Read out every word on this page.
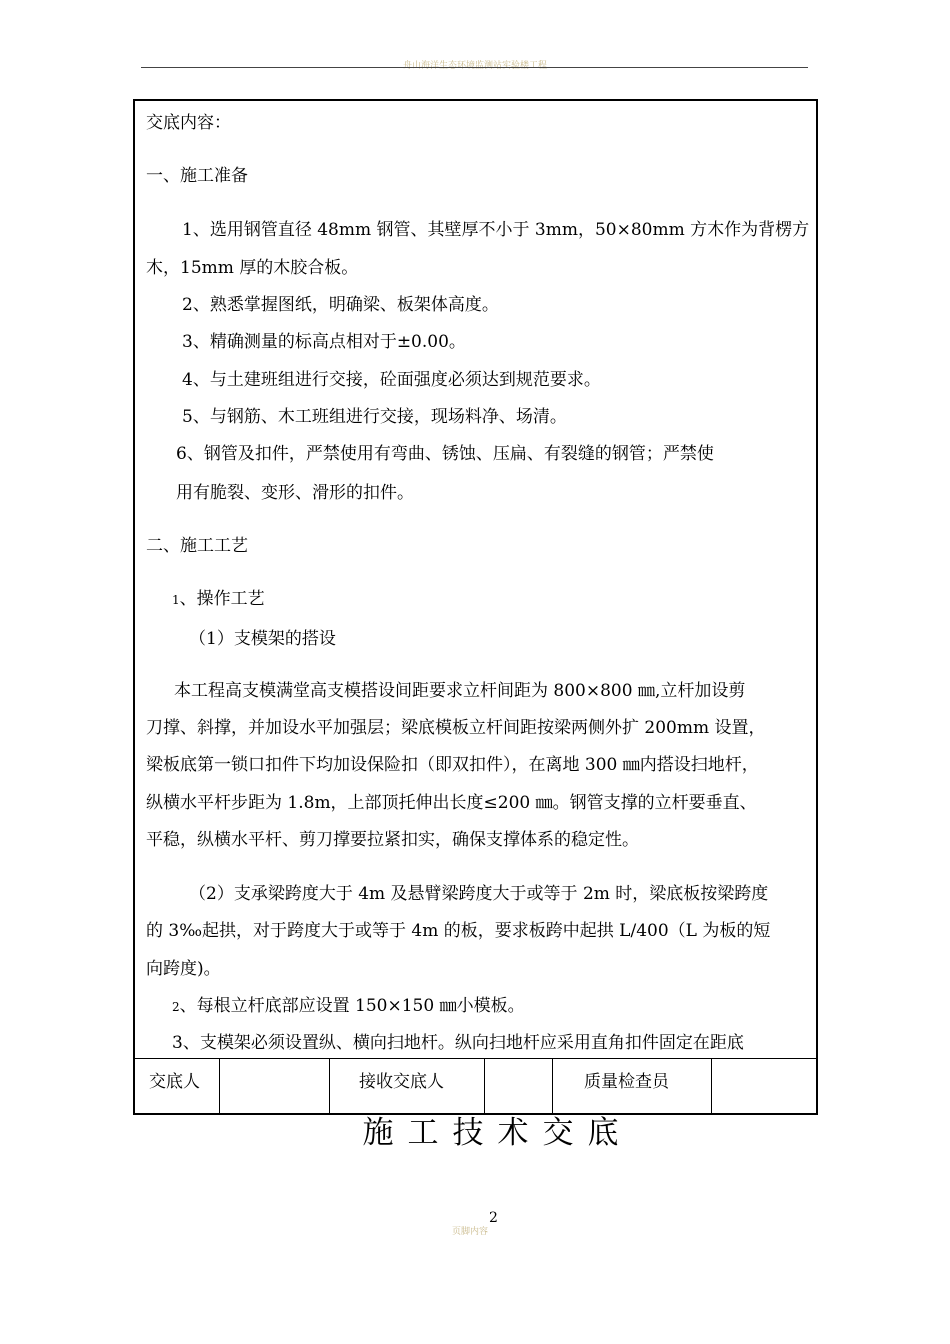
舟山海洋生态环境监测站实验楼工程
交底内容：
一、施工准备
1、选用钢管直径 48mm 钢管、其壁厚不小于 3mm，50×80mm 方木作为背楞方
木，15mm 厚的木胶合板。
2、熟悉掌握图纸，明确梁、板架体高度。
3、精确测量的标高点相对于±0.00。
4、与土建班组进行交接，砼面强度必须达到规范要求。
5、与钢筋、木工班组进行交接，现场料净、场清。
6、钢管及扣件，严禁使用有弯曲、锈蚀、压扁、有裂缝的钢管；严禁使
用有脆裂、变形、滑形的扣件。
二、施工工艺
1、操作工艺
（1）支模架的搭设
本工程高支模满堂高支模搭设间距要求立杆间距为 800×800 ㎜,立杆加设剪
刀撑、斜撑，并加设水平加强层；梁底模板立杆间距按梁两侧外扩 200mm 设置，
梁板底第一锁口扣件下均加设保险扣（即双扣件），在离地 300 ㎜内搭设扫地杆，
纵横水平杆步距为 1.8m，上部顶托伸出长度≤200 ㎜。钢管支撑的立杆要垂直、
平稳，纵横水平杆、剪刀撑要拉紧扣实，确保支撑体系的稳定性。
（2）支承梁跨度大于 4m 及悬臂梁跨度大于或等于 2m 时，梁底板按梁跨度
的 3‰起拱，对于跨度大于或等于 4m 的板，要求板跨中起拱 L/400（L 为板的短
向跨度)。
2、每根立杆底部应设置 150×150 ㎜小模板。
3、支模架必须设置纵、横向扫地杆。纵向扫地杆应采用直角扣件固定在距底
交底人	接收交底人	质量检查员
施工技术交底
页脚内容
2
